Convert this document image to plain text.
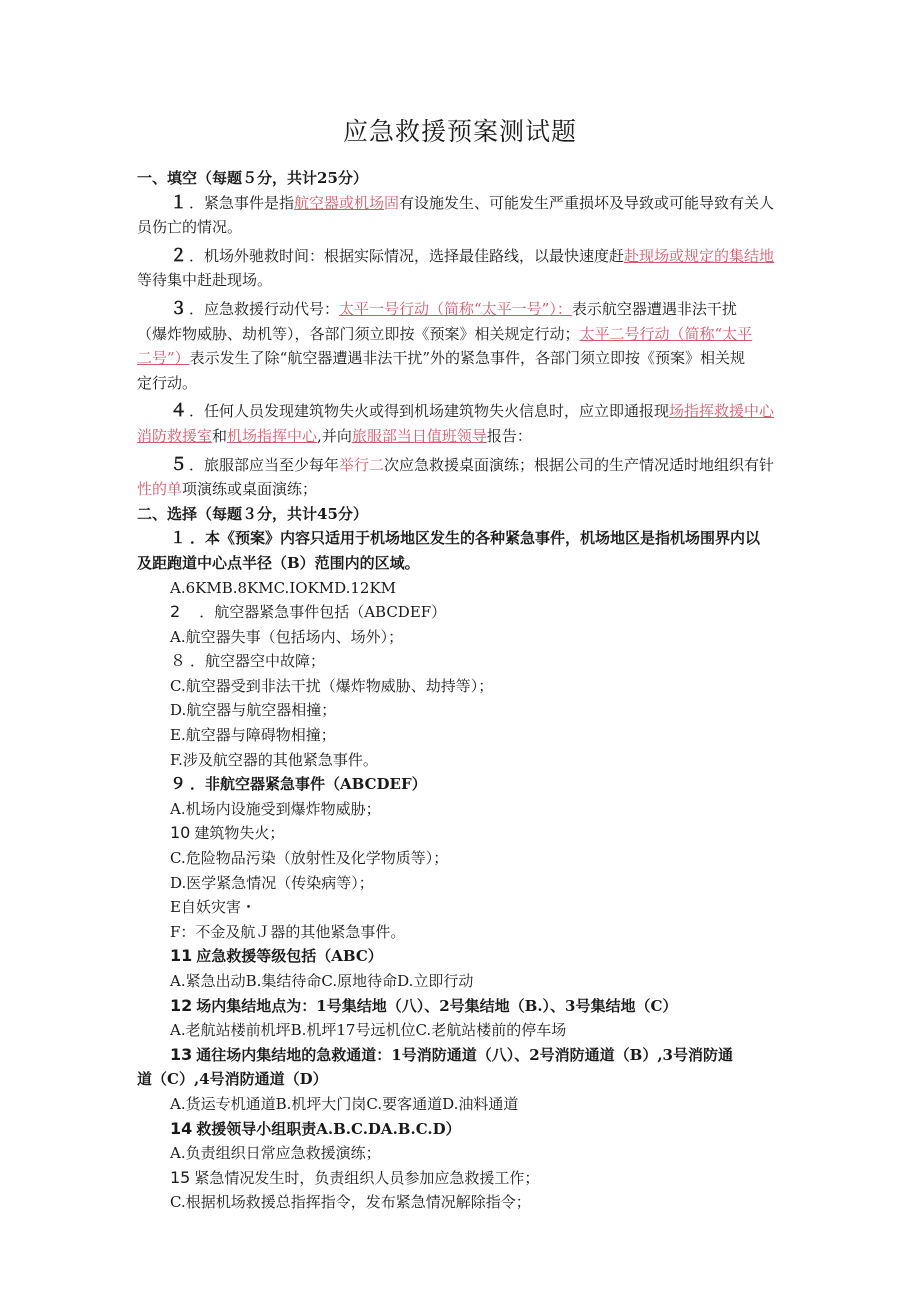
应急救援预案测试题
一、填空（每题５分，共计25分）
１ ．紧急事件是指航空器或机场固有设施发生、可能发生严重损坏及导致或可能导致有关人
员伤亡的情况。
２ ．机场外驰救时间：根据实际情况，选择最佳路线，以最快速度赶赴现场或规定的集结地
等待集中赶赴现场。
３ ．应急救援行动代号：太平一号行动（简称“太平一号”）：表示航空器遭遇非法干扰
（爆炸物威胁、劫机等），各部门须立即按《预案》相关规定行动；太平二号行动（简称“太平
二号”）表示发生了除“航空器遭遇非法干扰”外的紧急事件，各部门须立即按《预案》相关规
定行动。
４ ．任何人员发现建筑物失火或得到机场建筑物失火信息时，应立即通报现场指挥救援中心
消防救援室和机场指挥中心,并向旅服部当日值班领导报告：
５ ．旅服部应当至少每年举行二次应急救援桌面演练；根据公司的生产情况适时地组织有针
性的单项演练或桌面演练；
二、选择（每题３分，共计45分）
１ ．本《预案》内容只适用于机场地区发生的各种紧急事件，机场地区是指机场围界内以
及距跑道中心点半径（B）范围内的区域。
A.6KMB.8KMC.IOKMD.12KM
2　．航空器紧急事件包括（ABCDEF）
A.航空器失事（包括场内、场外）；
８ ．航空器空中故障；
C.航空器受到非法干扰（爆炸物威胁、劫持等）；
D.航空器与航空器相撞；
E.航空器与障碍物相撞；
F.涉及航空器的其他紧急事件。
９ ．非航空器紧急事件（ABCDEF）
A.机场内设施受到爆炸物威胁；
10 建筑物失火；
C.危险物品污染（放射性及化学物质等）；
D.医学紧急情况（传染病等）；
E自妖灾害・
F：不金及航Ｊ器的其他紧急事件。
11 应急救援等级包括（ABC）
A.紧急出动B.集结待命C.原地待命D.立即行动
12 场内集结地点为：1号集结地（八）、2号集结地（B.）、3号集结地（C）
A.老航站楼前机坪B.机坪17号远机位C.老航站楼前的停车场
13 通往场内集结地的急救通道：1号消防通道（八）、2号消防通道（B）,3号消防通
道（C）,4号消防通道（D）
A.货运专机通道B.机坪大门岗C.要客通道D.油料通道
14 救援领导小组职责A.B.C.DA.B.C.D）
A.负责组织日常应急救援演练；
15 紧急情况发生时，负责组织人员参加应急救援工作；
C.根据机场救援总指挥指令，发布紧急情况解除指令；
